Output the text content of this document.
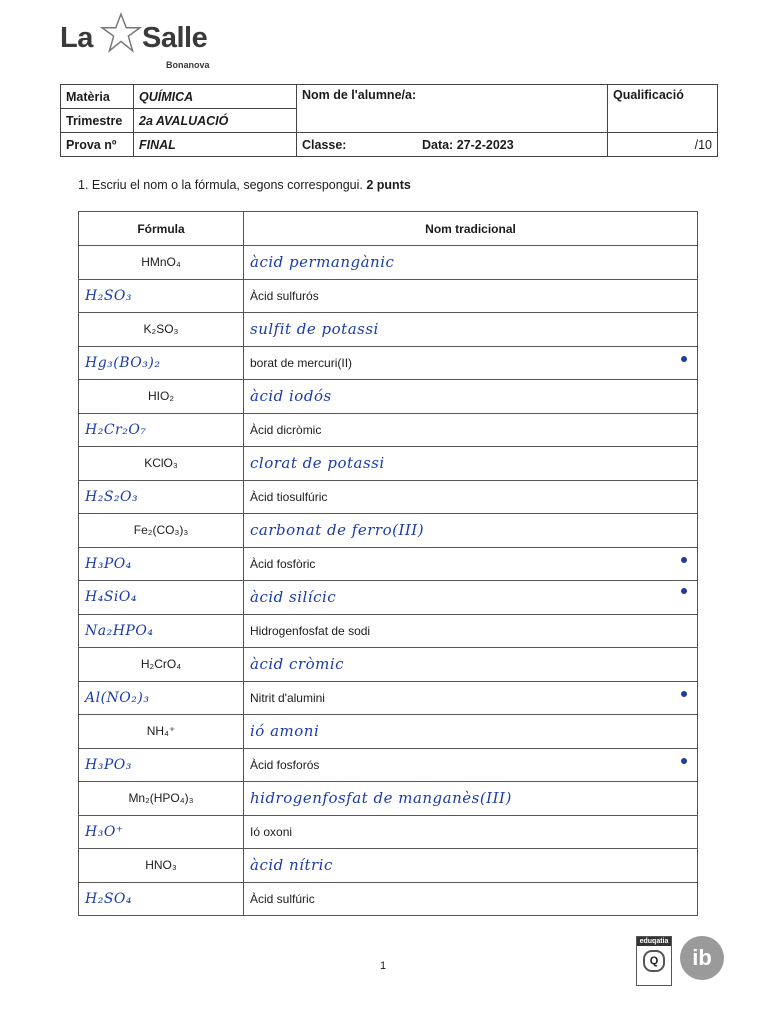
La Salle
Bonanova
Matèria	QUÍMICA	Nom de l'alumne/a:	Qualificació
Trimestre	2a AVALUACIÓ		
Prova nº	FINAL	Classe: Data: 27-2-2023	/10
1. Escriu el nom o la fórmula, segons correspongui. 2 punts
Fórmula	Nom tradicional
HMnO₄	àcid permangànic

H₂SO₃	Àcid sulfurós
K₂SO₃	sulfit de potassi

Hg₃(BO₃)₂	borat de mercuri(II)

HIO₂	àcid iodós

H₂Cr₂O₇	Àcid dicròmic
KClO₃	clorat de potassi

H₂S₂O₃	Àcid tiosulfúric
Fe₂(CO₃)₃	carbonat de ferro(III)

H₃PO₄	Àcid fosfòric

H₄SiO₄	àcid silícic

Na₂HPO₄	Hidrogenfosfat de sodi
H₂CrO₄	àcid cròmic

Al(NO₂)₃	Nitrit d'alumini

NH₄⁺	ió amoni

H₃PO₃	Àcid fosforós

Mn₂(HPO₄)₃	hidrogenfosfat de manganès(III)

H₃O⁺	Ió oxoni
HNO₃	àcid nítric

H₂SO₄	Àcid sulfúric
1
eduqatia
Q	ib
